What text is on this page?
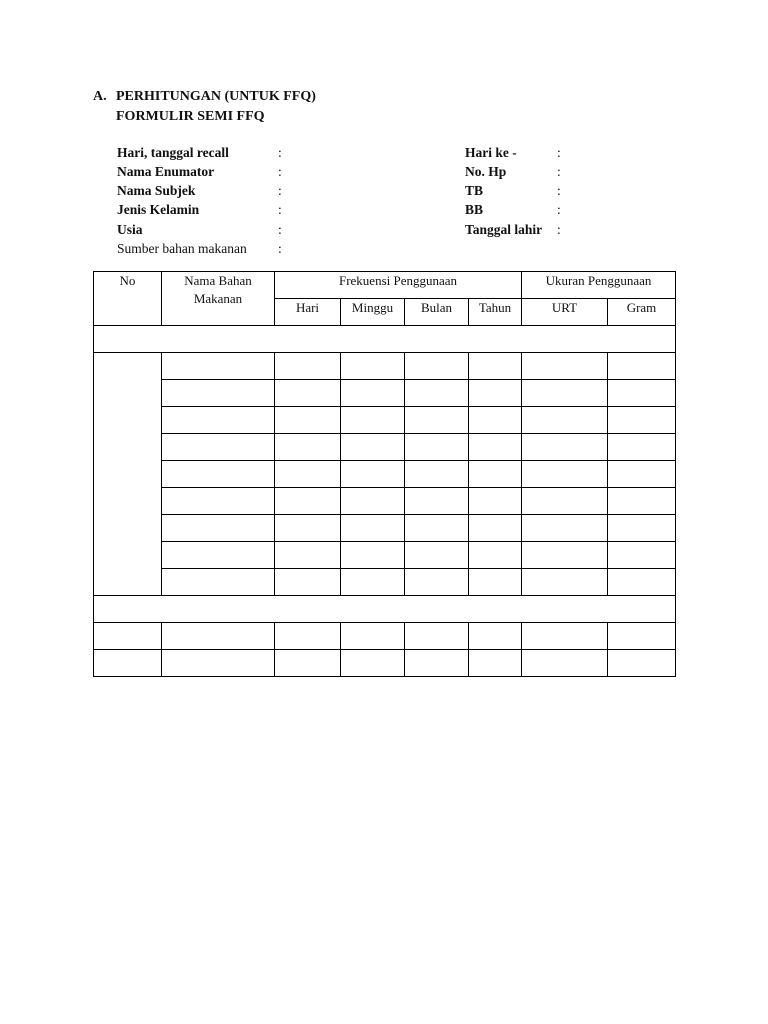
A. PERHITUNGAN (UNTUK FFQ)
FORMULIR SEMI FFQ
Hari, tanggal recall	:	Hari ke -	:
Nama Enumator	:	No. Hp	:
Nama Subjek	:	TB	:
Jenis Kelamin	:	BB	:
Usia	:	Tanggal lahir :
Sumber bahan makanan :
No	Nama Bahan Makanan	Frekuensi Penggunaan				Ukuran Penggunaan	

		Hari	Minggu	Bulan	Tahun	URT	Gram
